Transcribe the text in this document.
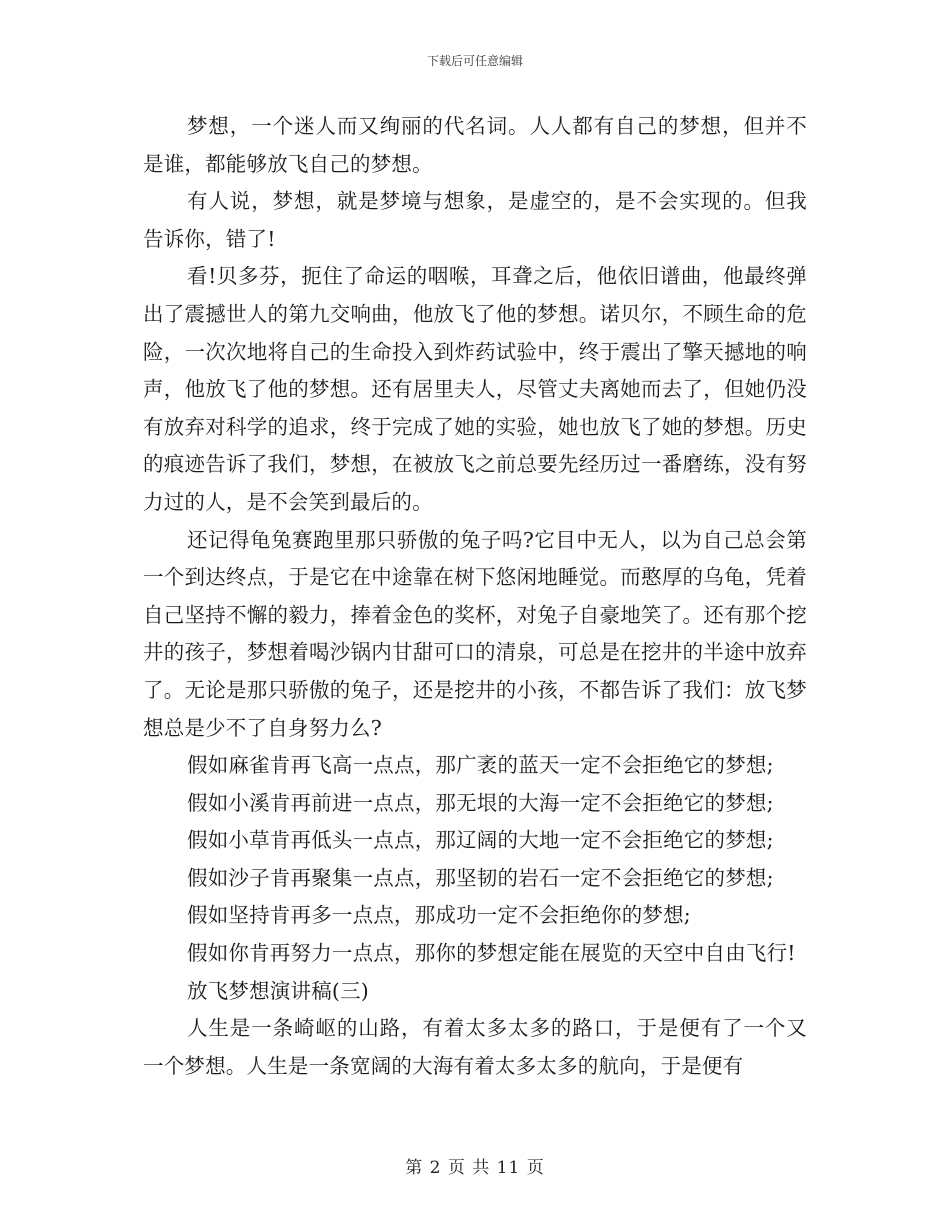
下载后可任意编辑

梦想，一个迷人而又绚丽的代名词。人人都有自己的梦想，但并不是谁，都能够放飞自己的梦想。

有人说，梦想，就是梦境与想象，是虚空的，是不会实现的。但我告诉你，错了!

看!贝多芬，扼住了命运的咽喉，耳聋之后，他依旧谱曲，他最终弹出了震撼世人的第九交响曲，他放飞了他的梦想。诺贝尔，不顾生命的危险，一次次地将自己的生命投入到炸药试验中，终于震出了擎天撼地的响声，他放飞了他的梦想。还有居里夫人，尽管丈夫离她而去了，但她仍没有放弃对科学的追求，终于完成了她的实验，她也放飞了她的梦想。历史的痕迹告诉了我们，梦想，在被放飞之前总要先经历过一番磨练，没有努力过的人，是不会笑到最后的。

还记得龟兔赛跑里那只骄傲的兔子吗?它目中无人，以为自己总会第一个到达终点，于是它在中途靠在树下悠闲地睡觉。而憨厚的乌龟，凭着自己坚持不懈的毅力，捧着金色的奖杯，对兔子自豪地笑了。还有那个挖井的孩子，梦想着喝沙锅内甘甜可口的清泉，可总是在挖井的半途中放弃了。无论是那只骄傲的兔子，还是挖井的小孩，不都告诉了我们：放飞梦想总是少不了自身努力么?

假如麻雀肯再飞高一点点，那广袤的蓝天一定不会拒绝它的梦想;

假如小溪肯再前进一点点，那无垠的大海一定不会拒绝它的梦想;

假如小草肯再低头一点点，那辽阔的大地一定不会拒绝它的梦想;

假如沙子肯再聚集一点点，那坚韧的岩石一定不会拒绝它的梦想;

假如坚持肯再多一点点，那成功一定不会拒绝你的梦想;

假如你肯再努力一点点，那你的梦想定能在展览的天空中自由飞行!

放飞梦想演讲稿(三)

人生是一条崎岖的山路，有着太多太多的路口，于是便有了一个又一个梦想。人生是一条宽阔的大海有着太多太多的航向，于是便有

第 2 页 共 11 页
